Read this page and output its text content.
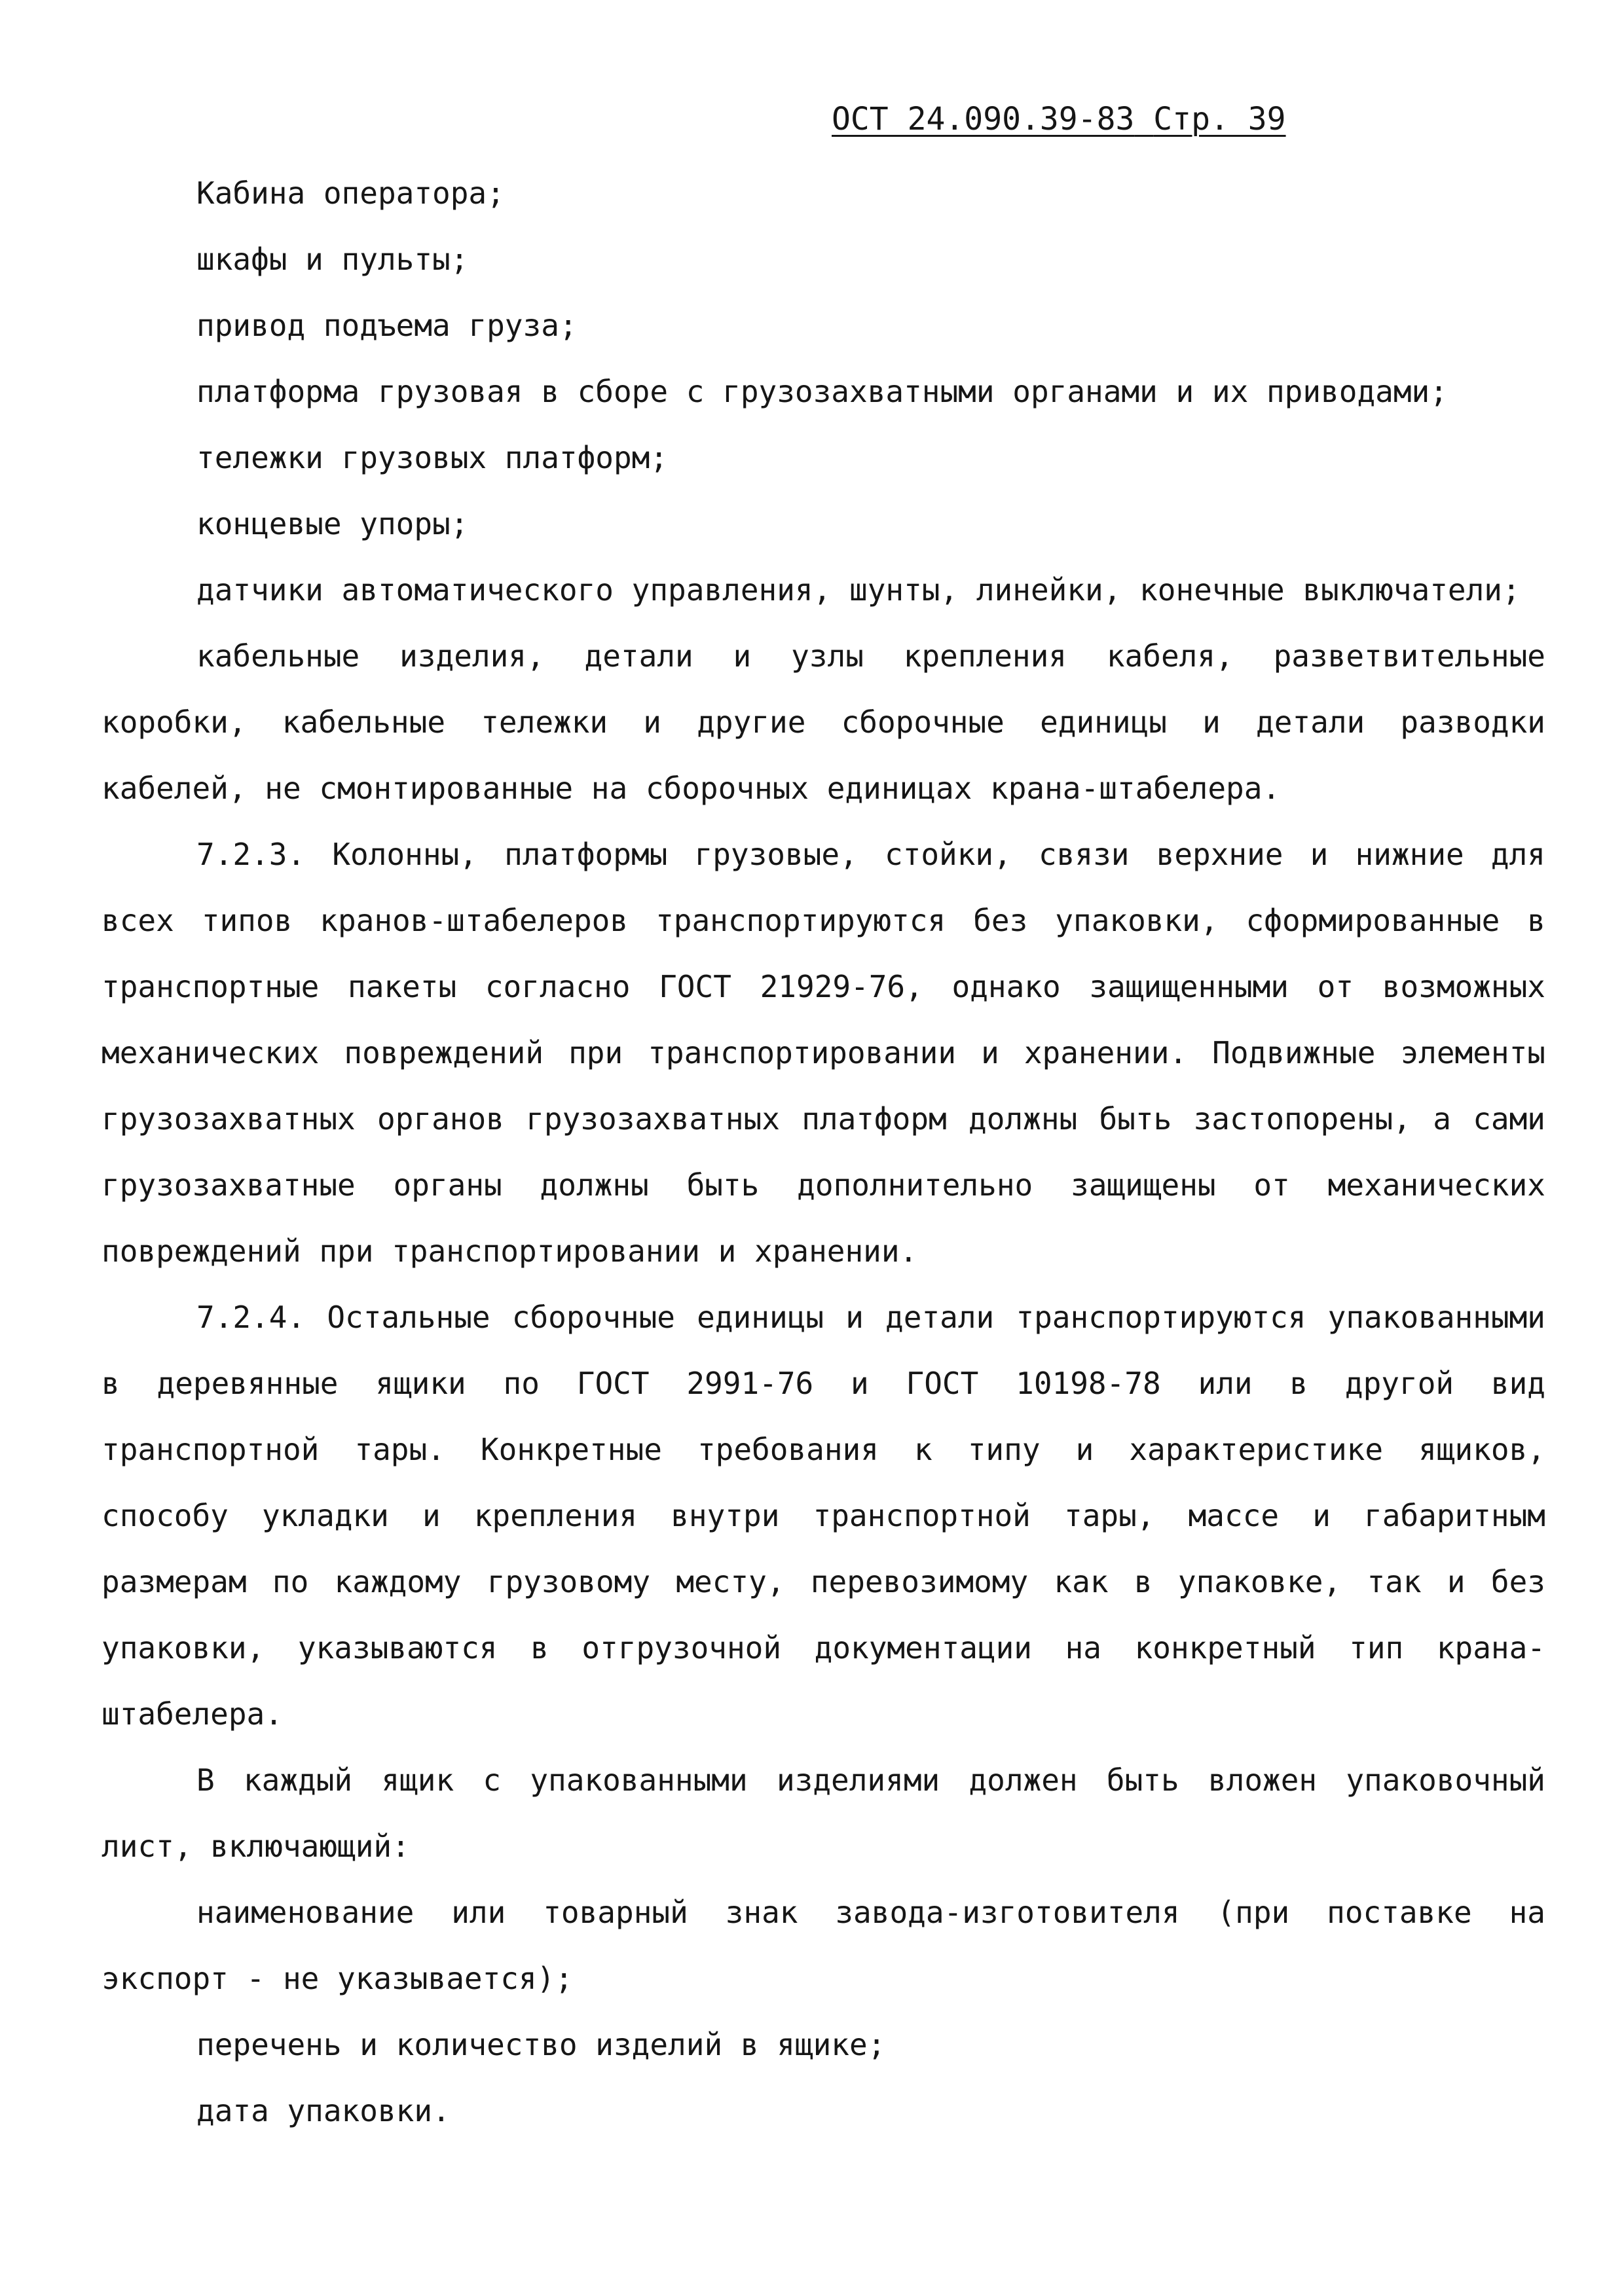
ОСТ 24.090.39-83 Стр. 39

Кабина оператора;

шкафы и пульты;

привод подъема груза;

платформа грузовая в сборе с грузозахватными органами и их приводами;

тележки грузовых платформ;

концевые упоры;

датчики автоматического управления, шунты, линейки, конечные выключатели;

кабельные изделия, детали и узлы крепления кабеля, разветвительные коробки, кабельные тележки и другие сборочные единицы и детали разводки кабелей, не смонтированные на сборочных единицах крана-штабелера.

7.2.3. Колонны, платформы грузовые, стойки, связи верхние и нижние для всех типов кранов-штабелеров транспортируются без упаковки, сформированные в транспортные пакеты согласно ГОСТ 21929-76, однако защищенными от возможных механических повреждений при транспортировании и хранении. Подвижные элементы грузозахватных органов грузозахватных платформ должны быть застопорены, а сами грузозахватные органы должны быть дополнительно защищены от механических повреждений при транспортировании и хранении.

7.2.4. Остальные сборочные единицы и детали транспортируются упакованными в деревянные ящики по ГОСТ 2991-76 и ГОСТ 10198-78 или в другой вид транспортной тары. Конкретные требования к типу и характеристике ящиков, способу укладки и крепления внутри транспортной тары, массе и габаритным размерам по каждому грузовому месту, перевозимому как в упаковке, так и без упаковки, указываются в отгрузочной документации на конкретный тип крана-штабелера.

В каждый ящик с упакованными изделиями должен быть вложен упаковочный лист, включающий:

наименование или товарный знак завода-изготовителя (при поставке на экспорт - не указывается);

перечень и количество изделий в ящике;

дата упаковки.
